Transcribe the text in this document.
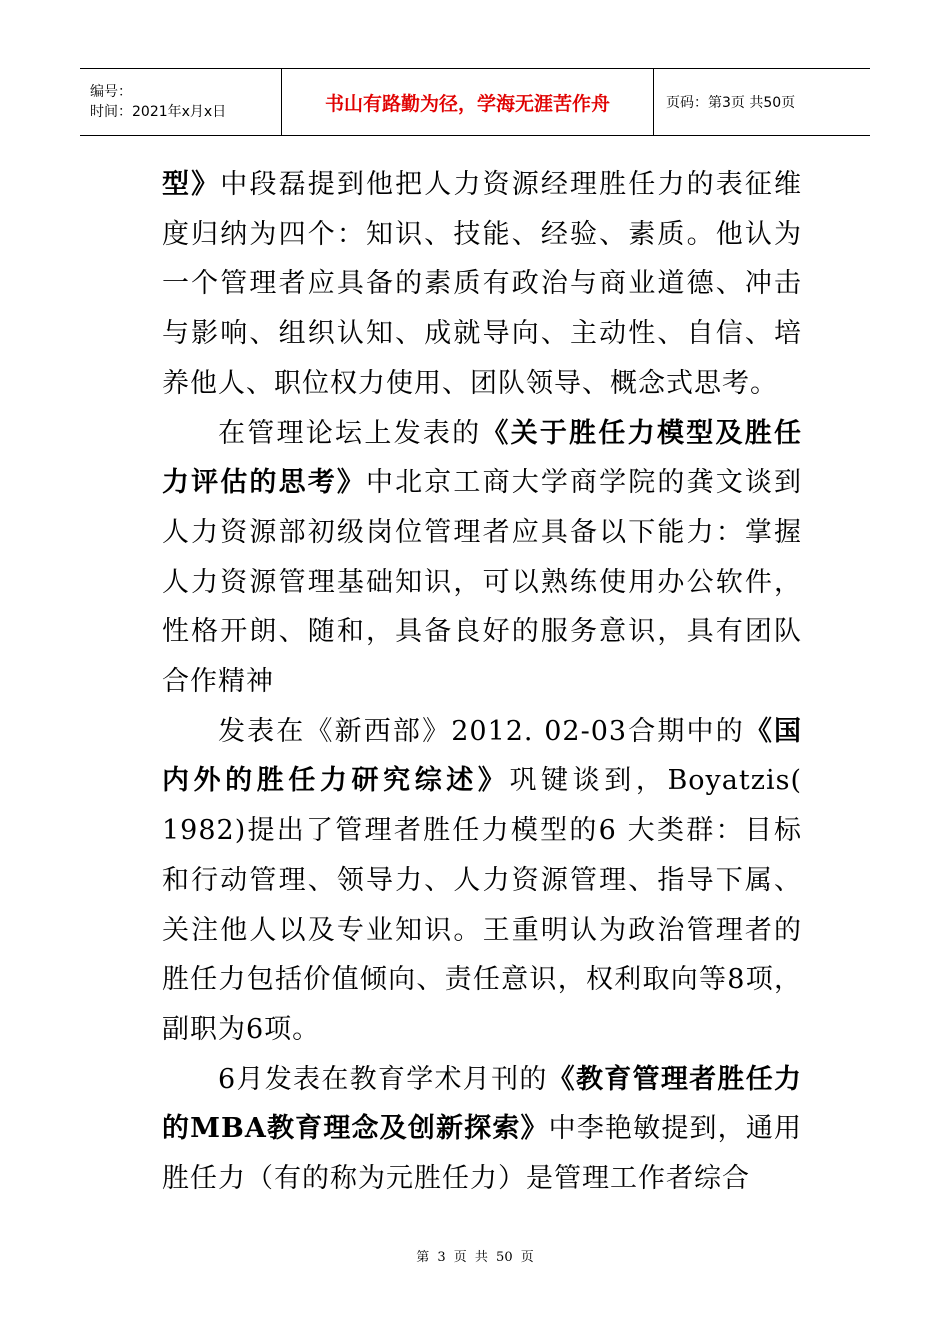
编号：
时间：2021年x月x日	书山有路勤为径，学海无涯苦作舟	页码：第3页 共50页

型》中段磊提到他把人力资源经理胜任力的表征维度归纳为四个：知识、技能、经验、素质。他认为一个管理者应具备的素质有政治与商业道德、冲击与影响、组织认知、成就导向、主动性、自信、培养他人、职位权力使用、团队领导、概念式思考。

在管理论坛上发表的《关于胜任力模型及胜任力评估的思考》中北京工商大学商学院的龚文谈到人力资源部初级岗位管理者应具备以下能力：掌握人力资源管理基础知识，可以熟练使用办公软件，性格开朗、随和，具备良好的服务意识，具有团队合作精神

发表在《新西部》2012. 02-03合期中的《国内外的胜任力研究综述》巩键谈到，Boyatzis( 1982)提出了管理者胜任力模型的6 大类群：目标和行动管理、领导力、人力资源管理、指导下属、关注他人以及专业知识。王重明认为政治管理者的胜任力包括价值倾向、责任意识，权利取向等8项，副职为6项。

6月发表在教育学术月刊的《教育管理者胜任力的MBA教育理念及创新探索》中李艳敏提到，通用胜任力（有的称为元胜任力）是管理工作者综合

第 3 页 共 50 页
